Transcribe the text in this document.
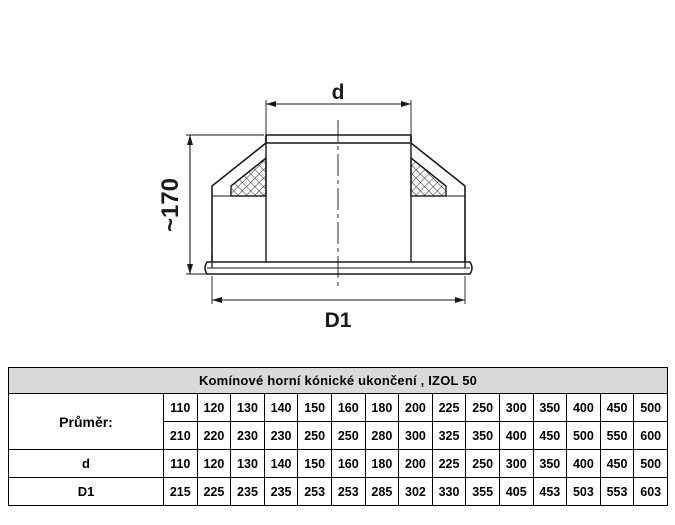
d
~170
D1
Komínové horní kónické ukončení , IZOL 50															
Průměr:	110	120	130	140	150	160	180	200	225	250	300	350	400	450	500
	210	220	230	230	250	250	280	300	325	350	400	450	500	550	600
d	110	120	130	140	150	160	180	200	225	250	300	350	400	450	500
D1	215	225	235	235	253	253	285	302	330	355	405	453	503	553	603
